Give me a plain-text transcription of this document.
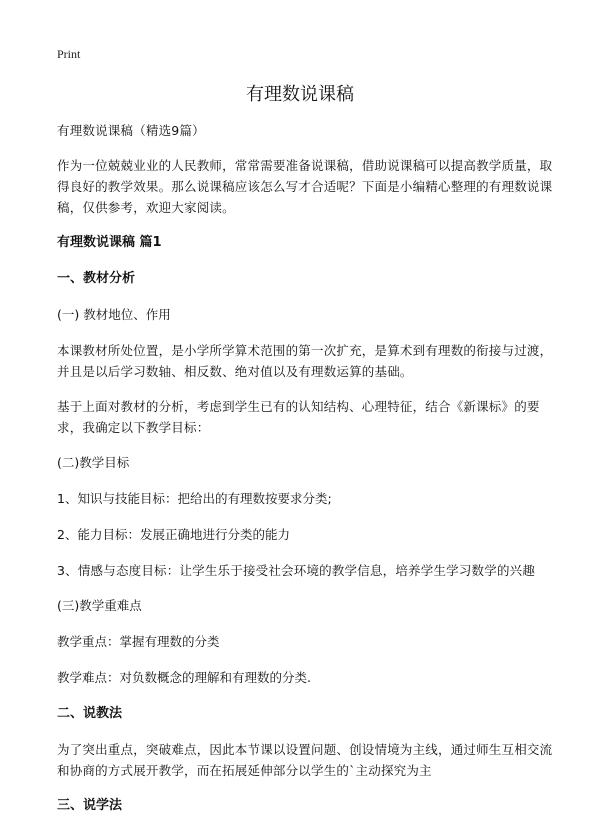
Print
有理数说课稿
有理数说课稿（精选9篇）
作为一位兢兢业业的人民教师，常常需要准备说课稿，借助说课稿可以提高教学质量，取得良好的教学效果。那么说课稿应该怎么写才合适呢？下面是小编精心整理的有理数说课稿，仅供参考，欢迎大家阅读。
有理数说课稿 篇1
一、教材分析
(一) 教材地位、作用
本课教材所处位置，是小学所学算术范围的第一次扩充，是算术到有理数的衔接与过渡，并且是以后学习数轴、相反数、绝对值以及有理数运算的基础。
基于上面对教材的分析，考虑到学生已有的认知结构、心理特征，结合《新课标》的要求，我确定以下教学目标：
(二)教学目标
1、知识与技能目标：把给出的有理数按要求分类;
2、能力目标：发展正确地进行分类的能力
3、情感与态度目标：让学生乐于接受社会环境的教学信息，培养学生学习数学的兴趣
(三)教学重难点
教学重点：掌握有理数的分类
教学难点：对负数概念的理解和有理数的分类.
二、说教法
为了突出重点，突破难点，因此本节课以设置问题、创设情境为主线，通过师生互相交流和协商的方式展开教学，而在拓展延伸部分以学生的`主动探究为主
三、说学法
